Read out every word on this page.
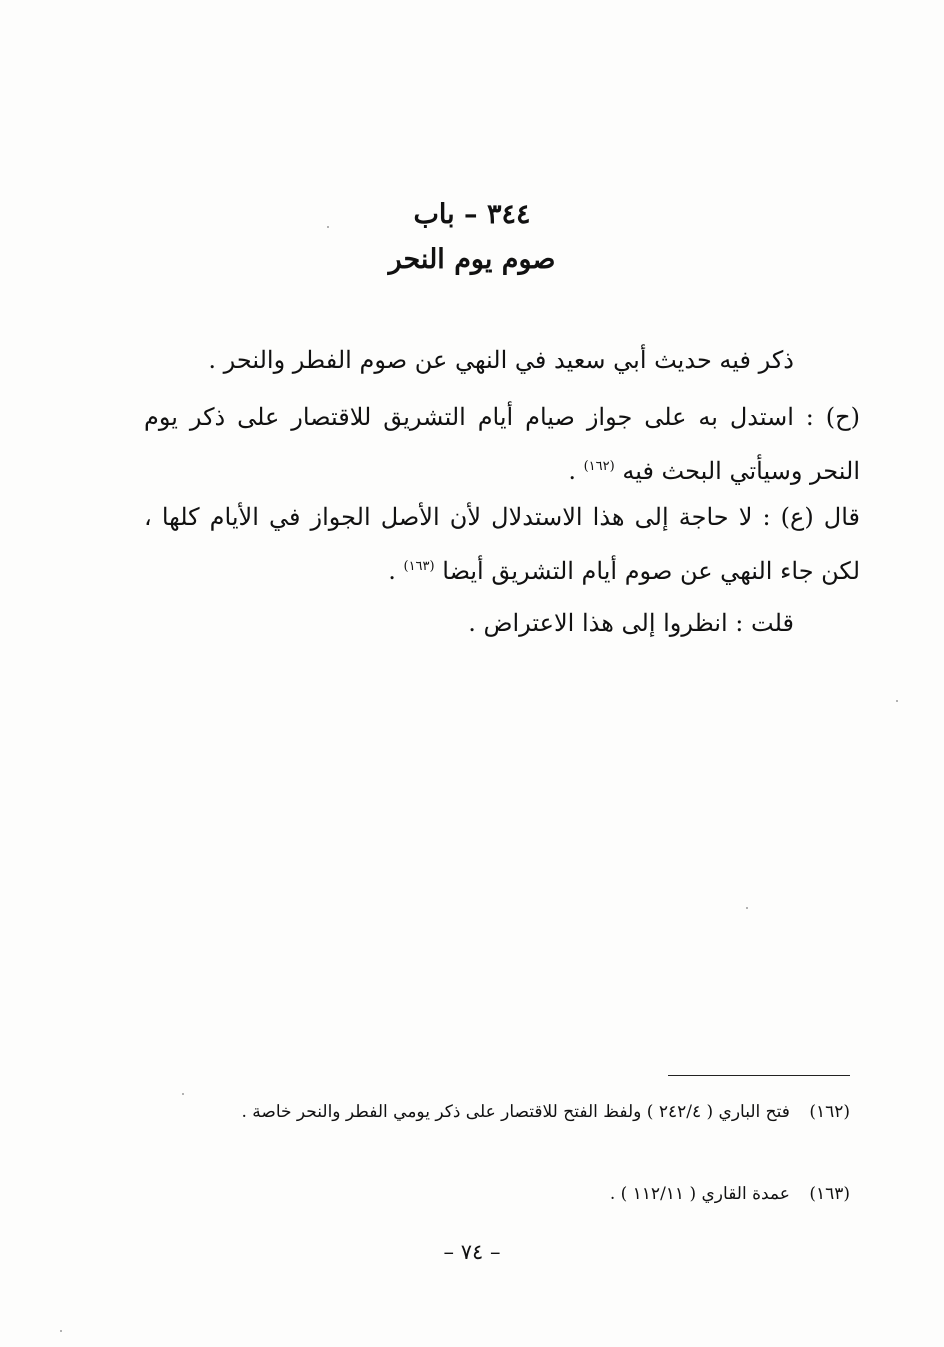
٣٤٤ – باب
صوم يوم النحر
ذكر فيه حديث أبي سعيد في النهي عن صوم الفطر والنحر .
(ح) : استدل به على جواز صيام أيام التشريق للاقتصار على ذكر يوم النحر وسيأتي البحث فيه $^{(١٦٢)}$ .
قال (ع) : لا حاجة إلى هذا الاستدلال لأن الأصل الجواز في الأيام كلها ، لكن جاء النهي عن صوم أيام التشريق أيضا $^{(١٦٣)}$ .
قلت : انظروا إلى هذا الاعتراض .
(١٦٢) فتح الباري ( ٢٤٢/٤ ) ولفظ الفتح للاقتصار على ذكر يومي الفطر والنحر خاصة .
(١٦٣) عمدة القاري ( ١١٢/١١ ) .
– ٧٤ –
